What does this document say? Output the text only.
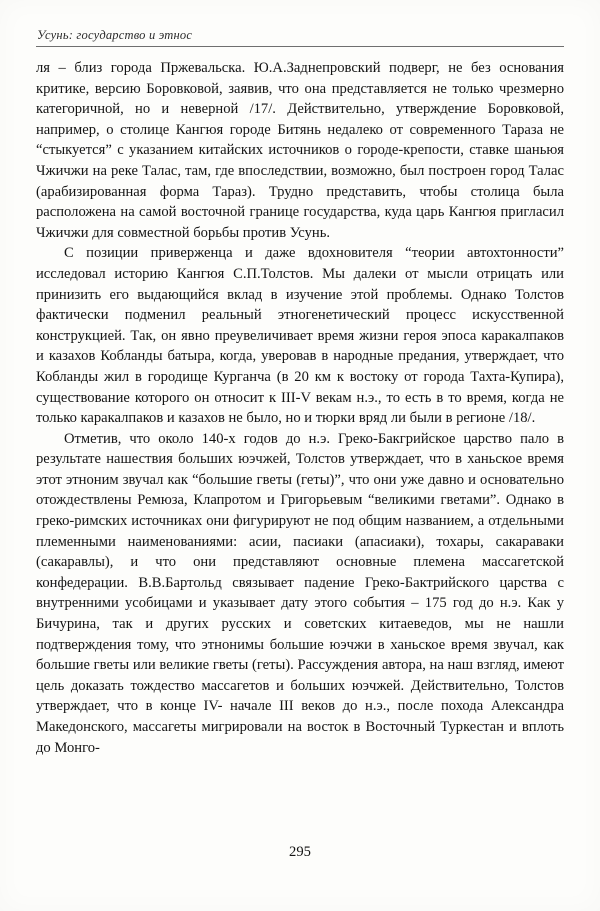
Усунь: государство и этнос

ля – близ города Пржевальска. Ю.А.Заднепровский подверг, не без основания критике, версию Боровковой, заявив, что она представляется не только чрезмерно категоричной, но и неверной /17/. Действительно, утверждение Боровковой, например, о столице Кангюя городе Битянь недалеко от современного Тараза не “стыкуется” с указанием китайских источников о городе-крепости, ставке шаньюя Чжичжи на реке Талас, там, где впоследствии, возможно, был построен город Талас (арабизированная форма Тараз). Трудно представить, чтобы столица была расположена на самой восточной границе государства, куда царь Кангюя пригласил Чжичжи для совместной борьбы против Усунь.

С позиции приверженца и даже вдохновителя “теории автохтонности” исследовал историю Кангюя С.П.Толстов. Мы далеки от мысли отрицать или принизить его выдающийся вклад в изучение этой проблемы. Однако Толстов фактически подменил реальный этногенетический процесс искусственной конструкцией. Так, он явно преувеличивает время жизни героя эпоса каракалпаков и казахов Кобланды батыра, когда, уверовав в народные предания, утверждает, что Кобланды жил в городище Курганча (в 20 км к востоку от города Тахта-Купира), существование которого он относит к III-V векам н.э., то есть в то время, когда не только каракалпаков и казахов не было, но и тюрки вряд ли были в регионе /18/.

Отметив, что около 140-х годов до н.э. Греко-Бакгрийское царство пало в результате нашествия больших юэчжей, Толстов утверждает, что в ханьское время этот этноним звучал как “большие гветы (геты)”, что они уже давно и основательно отождествлены Ремюза, Клапротом и Григорьевым “великими гветами”. Однако в греко-римских источниках они фигурируют не под общим названием, а отдельными племенными наименованиями: асии, пасиаки (апасиаки), тохары, сакараваки (сакаравлы), и что они представляют основные племена массагетской конфедерации. В.В.Бартольд связывает падение Греко-Бактрийского царства с внутренними усобицами и указывает дату этого события – 175 год до н.э. Как у Бичурина, так и других русских и советских китаеведов, мы не нашли подтверждения тому, что этнонимы большие юэчжи в ханьское время звучал, как большие гветы или великие гветы (геты). Рассуждения автора, на наш взгляд, имеют цель доказать тождество массагетов и больших юэчжей. Действительно, Толстов утверждает, что в конце IV- начале III веков до н.э., после похода Александра Македонского, массагеты мигрировали на восток в Восточный Туркестан и вплоть до Монго-

295
